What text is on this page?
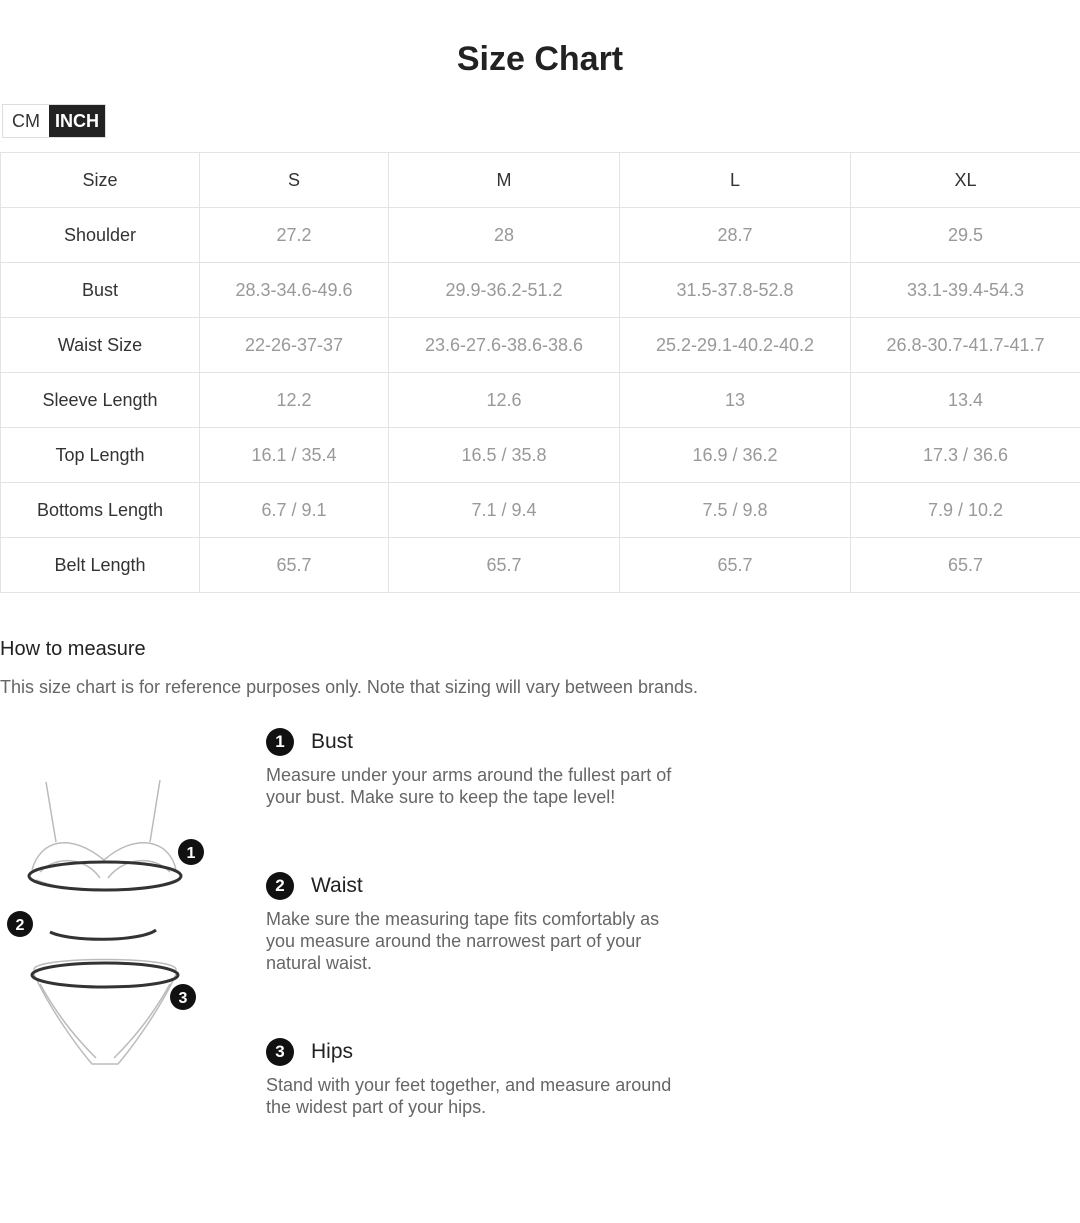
Size Chart
CM INCH
Size	S	M	L	XL
Shoulder	27.2	28	28.7	29.5
Bust	28.3-34.6-49.6	29.9-36.2-51.2	31.5-37.8-52.8	33.1-39.4-54.3
Waist Size	22-26-37-37	23.6-27.6-38.6-38.6	25.2-29.1-40.2-40.2	26.8-30.7-41.7-41.7
Sleeve Length	12.2	12.6	13	13.4
Top Length	16.1 / 35.4	16.5 / 35.8	16.9 / 36.2	17.3 / 36.6
Bottoms Length	6.7 / 9.1	7.1 / 9.4	7.5 / 9.8	7.9 / 10.2
Belt Length	65.7	65.7	65.7	65.7
How to measure
This size chart is for reference purposes only. Note that sizing will vary between brands.
1
2
3
1	Bust
Measure under your arms around the fullest part of your bust. Make sure to keep the tape level!
2	Waist
Make sure the measuring tape fits comfortably as you measure around the narrowest part of your natural waist.
3	Hips
Stand with your feet together, and measure around the widest part of your hips.
